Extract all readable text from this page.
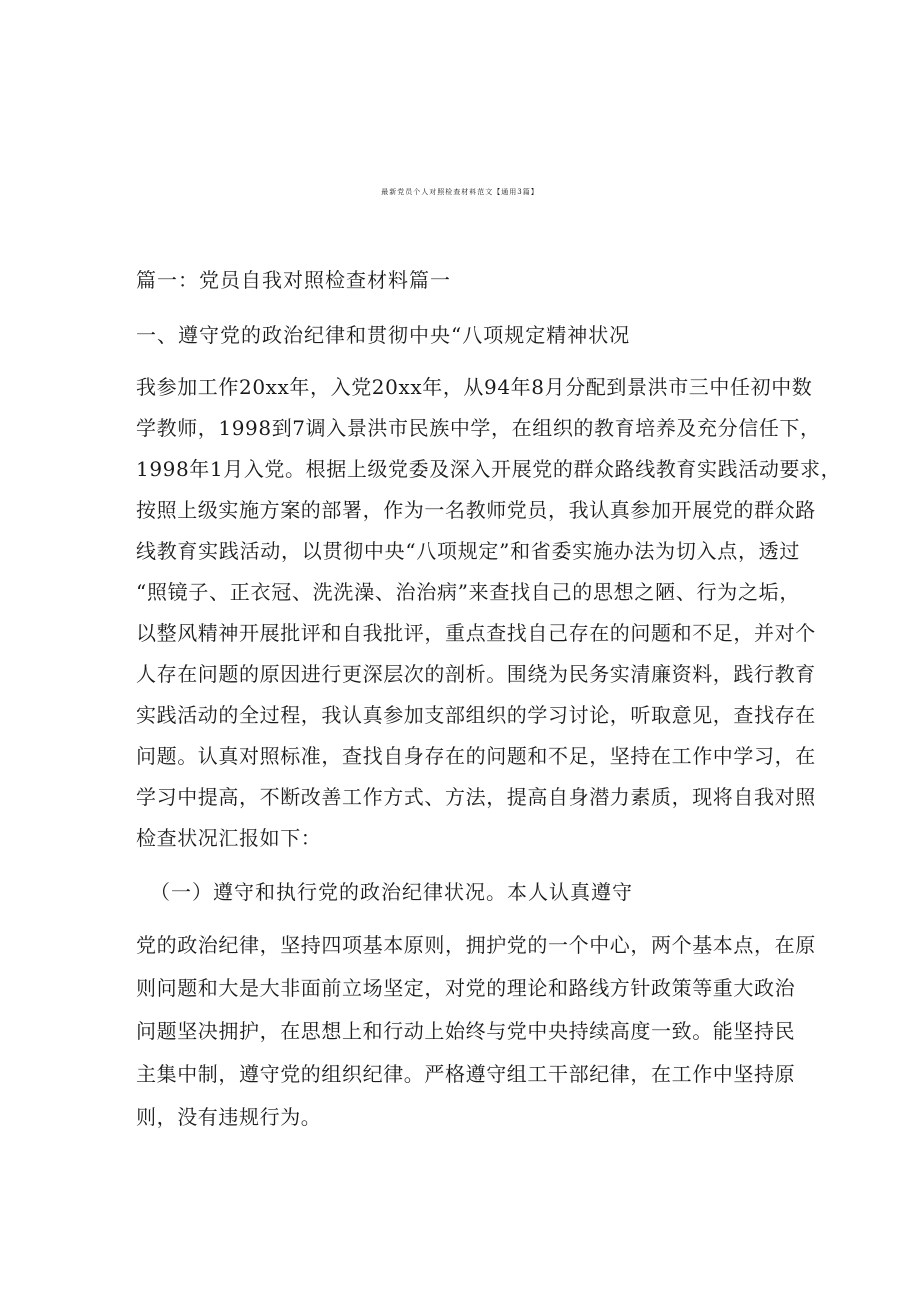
最新党员个人对照检查材料范文【通用3篇】

篇一：党员自我对照检查材料篇一

一、遵守党的政治纪律和贯彻中央“八项规定精神状况

我参加工作20xx年，入党20xx年，从94年8月分配到景洪市三中任初中数
学教师，1998到7调入景洪市民族中学，在组织的教育培养及充分信任下，
1998年1月入党。根据上级党委及深入开展党的群众路线教育实践活动要求，
按照上级实施方案的部署，作为一名教师党员，我认真参加开展党的群众路
线教育实践活动，以贯彻中央“八项规定”和省委实施办法为切入点，透过
“照镜子、正衣冠、洗洗澡、治治病”来查找自己的思想之陋、行为之垢，
以整风精神开展批评和自我批评，重点查找自己存在的问题和不足，并对个
人存在问题的原因进行更深层次的剖析。围绕为民务实清廉资料，践行教育
实践活动的全过程，我认真参加支部组织的学习讨论，听取意见，查找存在
问题。认真对照标准，查找自身存在的问题和不足，坚持在工作中学习，在
学习中提高，不断改善工作方式、方法，提高自身潜力素质，现将自我对照
检查状况汇报如下：

（一）遵守和执行党的政治纪律状况。本人认真遵守

党的政治纪律，坚持四项基本原则，拥护党的一个中心，两个基本点，在原
则问题和大是大非面前立场坚定，对党的理论和路线方针政策等重大政治
问题坚决拥护，在思想上和行动上始终与党中央持续高度一致。能坚持民
主集中制，遵守党的组织纪律。严格遵守组工干部纪律，在工作中坚持原
则，没有违规行为。
